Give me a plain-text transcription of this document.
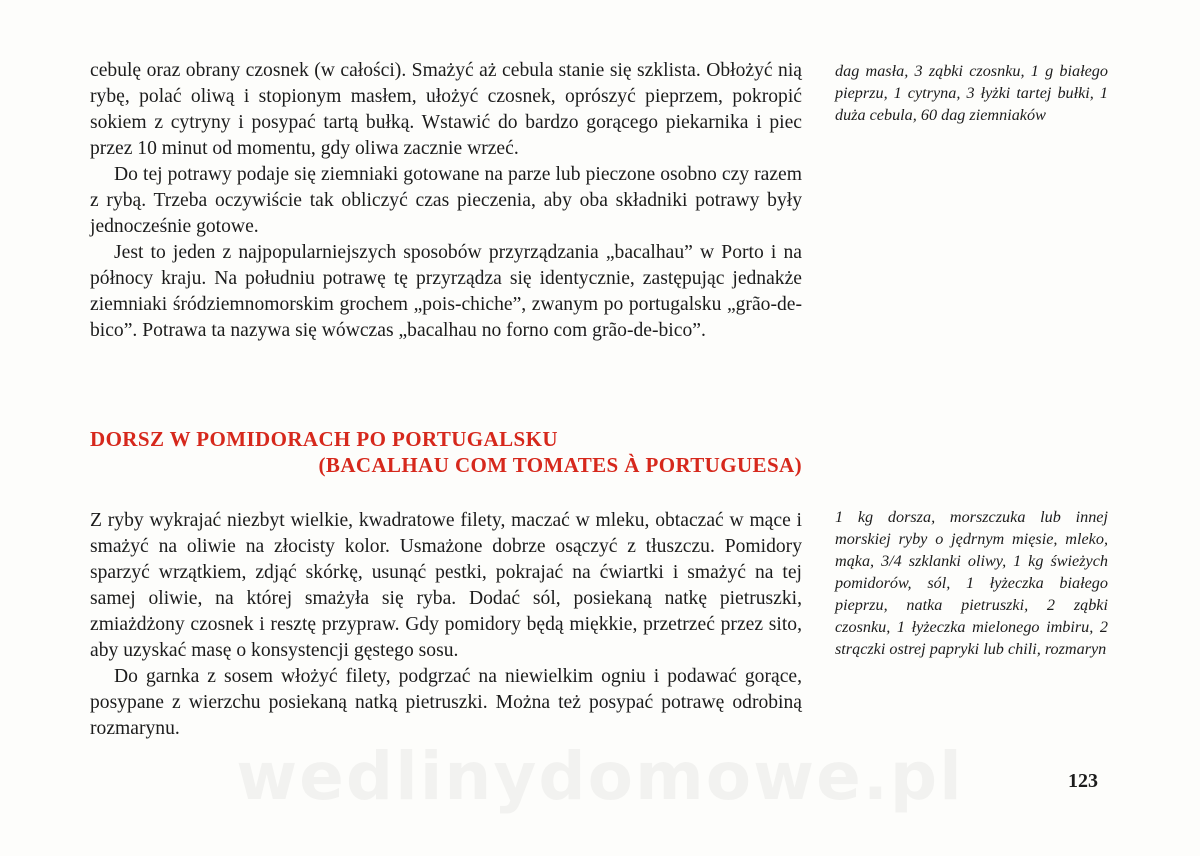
cebulę oraz obrany czosnek (w całości). Smażyć aż cebula stanie się szklista. Obłożyć nią rybę, polać oliwą i stopionym masłem, ułożyć czosnek, oprószyć pieprzem, pokropić sokiem z cytryny i posypać tartą bułką. Wstawić do bardzo gorącego piekarnika i piec przez 10 minut od momentu, gdy oliwa zacznie wrzeć.

Do tej potrawy podaje się ziemniaki gotowane na parze lub pieczone osobno czy razem z rybą. Trzeba oczywiście tak obliczyć czas pieczenia, aby oba składniki potrawy były jednocześnie gotowe.

Jest to jeden z najpopularniejszych sposobów przyrządzania „bacalhau” w Porto i na północy kraju. Na południu potrawę tę przyrządza się identycznie, zastępując jednakże ziemniaki śródziemnomorskim grochem „pois-chiche”, zwanym po portugalsku „grão-de-bico”. Potrawa ta nazywa się wówczas „bacalhau no forno com grão-de-bico”.

dag masła, 3 ząbki czosnku, 1 g białego pieprzu, 1 cytryna, 3 łyżki tartej bułki, 1 duża cebula, 60 dag ziemniaków
DORSZ W POMIDORACH PO PORTUGALSKU
(BACALHAU COM TOMATES À PORTUGUESA)

Z ryby wykrajać niezbyt wielkie, kwadratowe filety, maczać w mleku, obtaczać w mące i smażyć na oliwie na złocisty kolor. Usmażone dobrze osączyć z tłuszczu. Pomidory sparzyć wrzątkiem, zdjąć skórkę, usunąć pestki, pokrajać na ćwiartki i smażyć na tej samej oliwie, na której smażyła się ryba. Dodać sól, posiekaną natkę pietruszki, zmiażdżony czosnek i resztę przypraw. Gdy pomidory będą miękkie, przetrzeć przez sito, aby uzyskać masę o konsystencji gęstego sosu.

Do garnka z sosem włożyć filety, podgrzać na niewielkim ogniu i podawać gorące, posypane z wierzchu posiekaną natką pietruszki. Można też posypać potrawę odrobiną rozmarynu.

1 kg dorsza, morszczuka lub innej morskiej ryby o jędrnym mięsie, mleko, mąka, 3/4 szklanki oliwy, 1 kg świeżych pomidorów, sól, 1 łyżeczka białego pieprzu, natka pietruszki, 2 ząbki czosnku, 1 łyżeczka mielonego imbiru, 2 strączki ostrej papryki lub chili, rozmaryn
123
